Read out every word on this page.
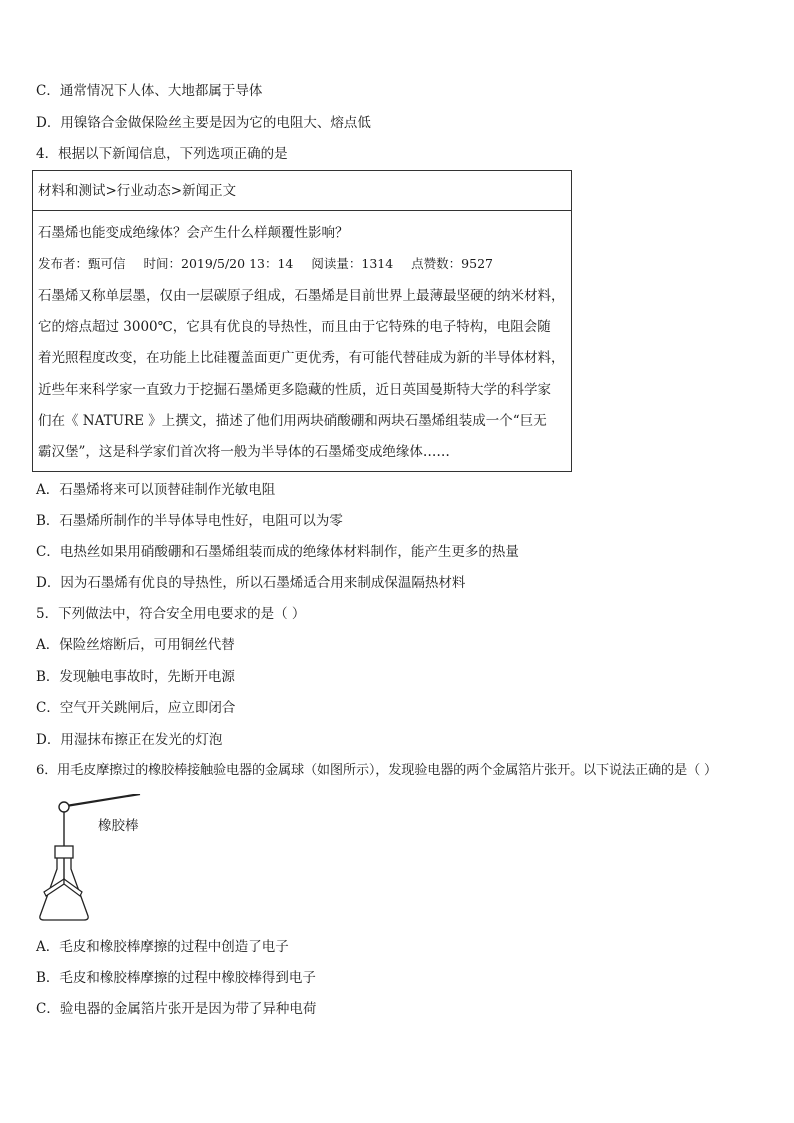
C．通常情况下人体、大地都属于导体
D．用镍铬合金做保险丝主要是因为它的电阻大、熔点低
4．根据以下新闻信息，下列选项正确的是
材料和测试>行业动态>新闻正文
石墨烯也能变成绝缘体？会产生什么样颠覆性影响？
发布者：甄可信 时间：2019/5/20 13：14 阅读量：1314 点赞数：9527
石墨烯又称单层墨，仅由一层碳原子组成，石墨烯是目前世界上最薄最坚硬的纳米材料，
它的熔点超过 3000℃，它具有优良的导热性，而且由于它特殊的电子特构，电阻会随
着光照程度改变，在功能上比硅覆盖面更广更优秀，有可能代替硅成为新的半导体材料，
近些年来科学家一直致力于挖掘石墨烯更多隐藏的性质，近日英国曼斯特大学的科学家
们在《 NATURE 》上撰文，描述了他们用两块硝酸硼和两块石墨烯组装成一个“巨无
霸汉堡”，这是科学家们首次将一般为半导体的石墨烯变成绝缘体……
A．石墨烯将来可以顶替硅制作光敏电阻
B．石墨烯所制作的半导体导电性好，电阻可以为零
C．电热丝如果用硝酸硼和石墨烯组装而成的绝缘体材料制作，能产生更多的热量
D．因为石墨烯有优良的导热性，所以石墨烯适合用来制成保温隔热材料
5．下列做法中，符合安全用电要求的是（ ）
A．保险丝熔断后，可用铜丝代替
B．发现触电事故时，先断开电源
C．空气开关跳闸后，应立即闭合
D．用湿抹布擦正在发光的灯泡
6．用毛皮摩擦过的橡胶棒接触验电器的金属球（如图所示），发现验电器的两个金属箔片张开。以下说法正确的是（ ）
橡胶棒
A．毛皮和橡胶棒摩擦的过程中创造了电子
B．毛皮和橡胶棒摩擦的过程中橡胶棒得到电子
C．验电器的金属箔片张开是因为带了异种电荷
